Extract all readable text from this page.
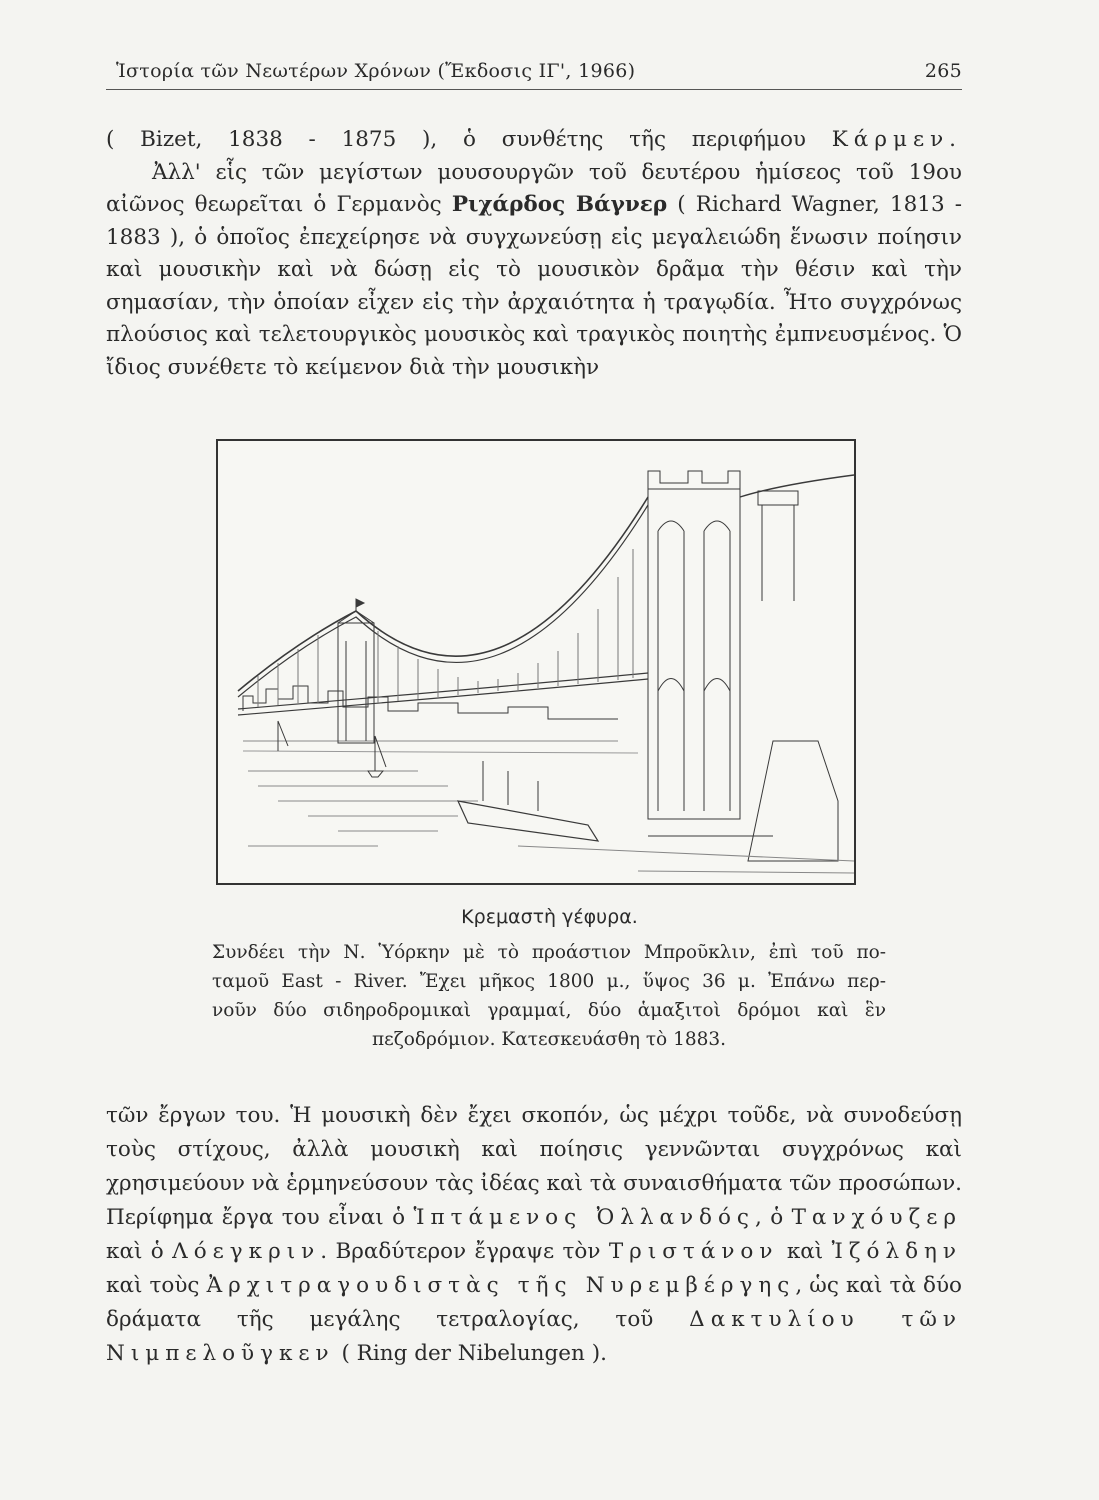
Ἱστορία τῶν Νεωτέρων Χρόνων (Ἔκδοσις ΙΓ', 1966)	265

( Bizet, 1838 - 1875 ), ὁ συνθέτης τῆς περιφήμου Κάρμεν.

Ἀλλ' εἷς τῶν μεγίστων μουσουργῶν τοῦ δευτέρου ἡμίσεος τοῦ 19ου αἰῶνος θεωρεῖται ὁ Γερμανὸς Ριχάρδος Βάγνερ ( Richard Wagner, 1813 - 1883 ), ὁ ὁποῖος ἐπεχείρησε νὰ συγχωνεύσῃ εἰς μεγαλειώδη ἕνωσιν ποίησιν καὶ μουσικὴν καὶ νὰ δώσῃ εἰς τὸ μουσικὸν δρᾶμα τὴν θέσιν καὶ τὴν σημασίαν, τὴν ὁποίαν εἶχεν εἰς τὴν ἀρχαιότητα ἡ τραγῳδία. Ἦτο συγχρόνως πλούσιος καὶ τελετουργικὸς μουσικὸς καὶ τραγικὸς ποιητὴς ἐμπνευσμένος. Ὁ ἴδιος συνέθετε τὸ κείμενον διὰ τὴν μουσικὴν

Κρεμαστὴ γέφυρα.
Συνδέει τὴν Ν. Ὑόρκην μὲ τὸ προάστιον Μπροῦκλιν, ἐπὶ τοῦ πο-
ταμοῦ East - River. Ἔχει μῆκος 1800 μ., ὕψος 36 μ. Ἐπάνω περ-
νοῦν δύο σιδηροδρομικαὶ γραμμαί, δύο ἁμαξιτοὶ δρόμοι καὶ ἓν
πεζοδρόμιον. Κατεσκευάσθη τὸ 1883.

τῶν ἔργων του. Ἡ μουσικὴ δὲν ἔχει σκοπόν, ὡς μέχρι τοῦδε, νὰ συνοδεύσῃ τοὺς στίχους, ἀλλὰ μουσικὴ καὶ ποίησις γεννῶνται συγχρόνως καὶ χρησιμεύουν νὰ ἑρμηνεύσουν τὰς ἰδέας καὶ τὰ συναισθήματα τῶν προσώπων. Περίφημα ἔργα του εἶναι ὁ Ἱπτάμενος Ὀλλανδός, ὁ Τανχόυζερ καὶ ὁ Λόεγκριν. Βραδύτερον ἔγραψε τὸν Τριστάνον καὶ Ἰζόλδην καὶ τοὺς Ἀρχιτραγουδιστὰς τῆς Νυρεμβέργης, ὡς καὶ τὰ δύο δράματα τῆς μεγάλης τετραλογίας, τοῦ Δακτυλίου τῶν Νιμπελοῦγκεν ( Ring der Nibelungen ).
